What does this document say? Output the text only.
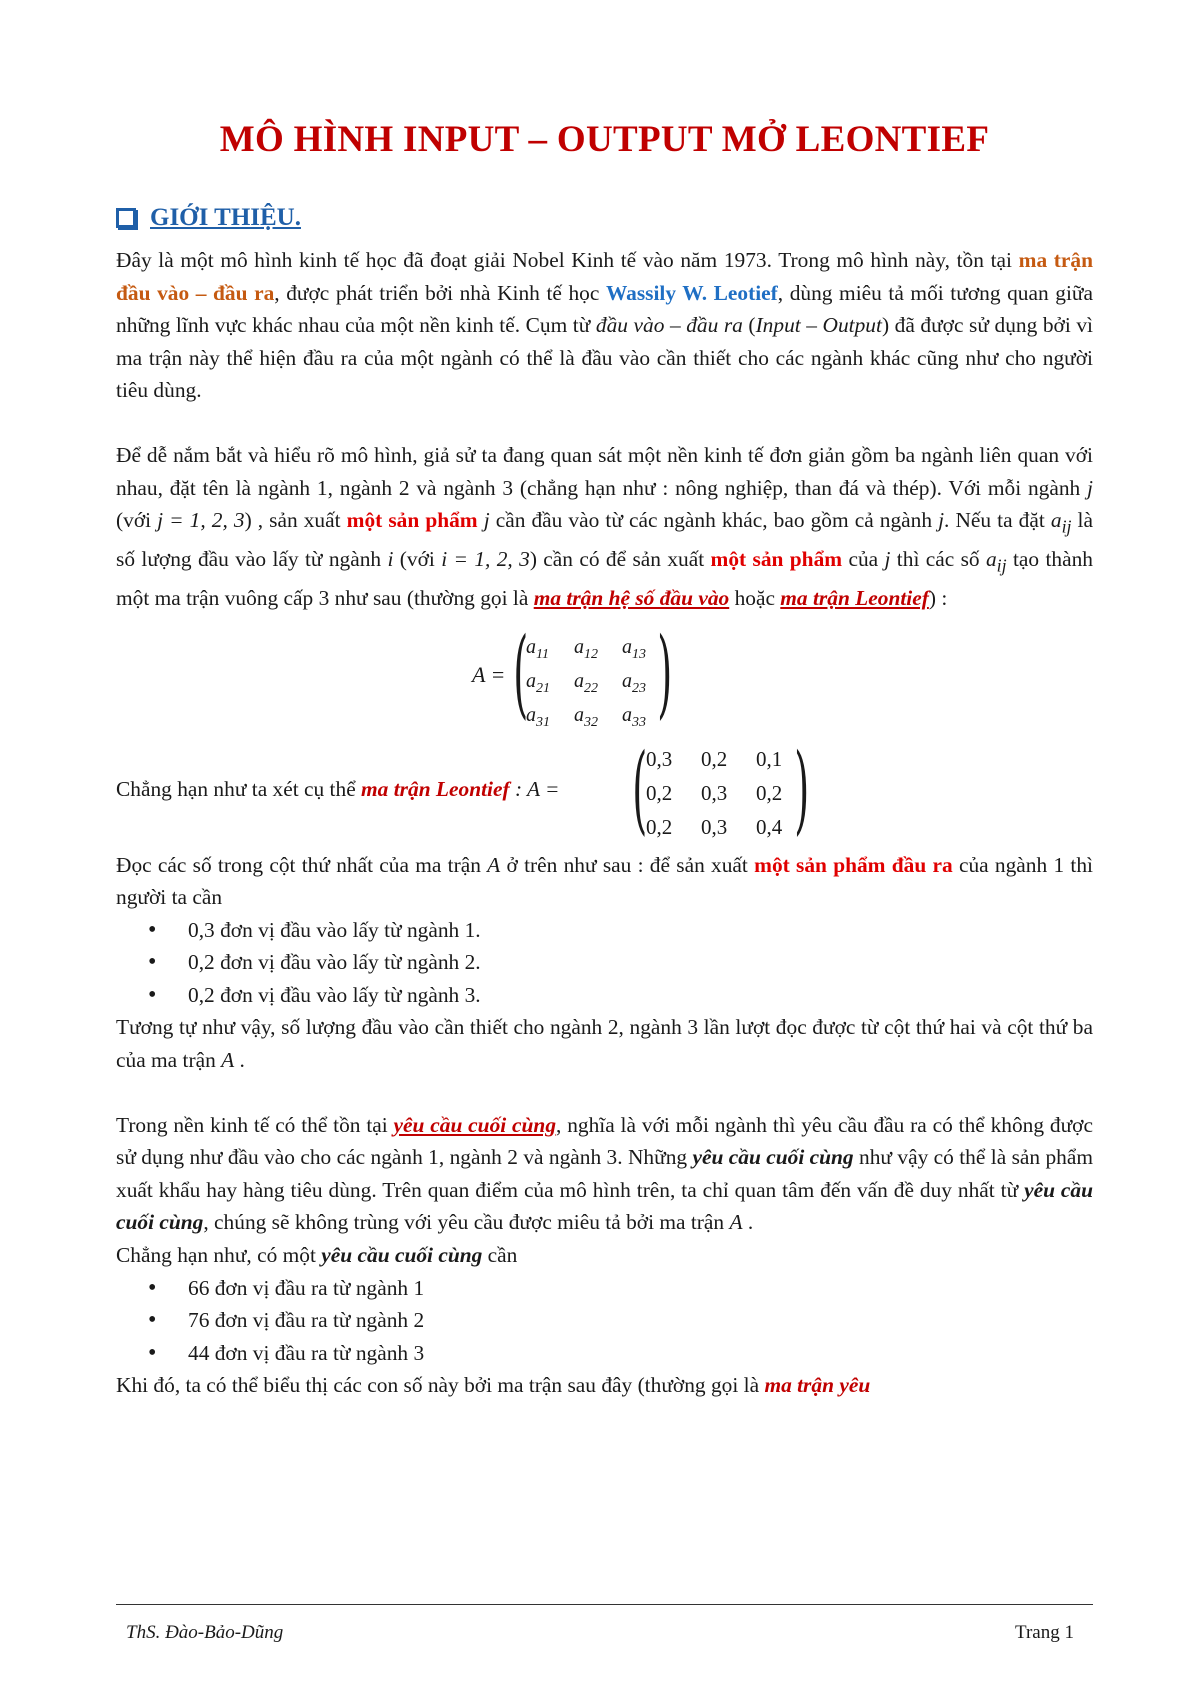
MÔ HÌNH INPUT – OUTPUT MỞ LEONTIEF
GIỚI THIỆU.

Đây là một mô hình kinh tế học đã đoạt giải Nobel Kinh tế vào năm 1973. Trong mô hình này, tồn tại ma trận đầu vào – đầu ra, được phát triển bởi nhà Kinh tế học Wassily W. Leotief, dùng miêu tả mối tương quan giữa những lĩnh vực khác nhau của một nền kinh tế. Cụm từ đầu vào – đầu ra (Input – Output) đã được sử dụng bởi vì ma trận này thể hiện đầu ra của một ngành có thể là đầu vào cần thiết cho các ngành khác cũng như cho người tiêu dùng.

Để dễ nắm bắt và hiểu rõ mô hình, giả sử ta đang quan sát một nền kinh tế đơn giản gồm ba ngành liên quan với nhau, đặt tên là ngành 1, ngành 2 và ngành 3 (chẳng hạn như : nông nghiệp, than đá và thép). Với mỗi ngành j (với j = 1, 2, 3) , sản xuất một sản phẩm j cần đầu vào từ các ngành khác, bao gồm cả ngành j. Nếu ta đặt $a_{ij}$ là số lượng đầu vào lấy từ ngành i (với i = 1, 2, 3) cần có để sản xuất một sản phẩm của j thì các số $a_{ij}$ tạo thành một ma trận vuông cấp 3 như sau (thường gọi là ma trận hệ số đầu vào hoặc ma trận Leontief) :

A = (
$a_{11}$ $a_{12}$ $a_{13}$
$a_{21}$ $a_{22}$ $a_{23}$
$a_{31}$ $a_{32}$ $a_{33}$ )
Chẳng hạn như ta xét cụ thể ma trận Leontief : A = (
0,3 0,2 0,1
0,2 0,3 0,2
0,2 0,3 0,4 )

Đọc các số trong cột thứ nhất của ma trận A ở trên như sau : để sản xuất một sản phẩm đầu ra của ngành 1 thì người ta cần

• 0,3 đơn vị đầu vào lấy từ ngành 1.
• 0,2 đơn vị đầu vào lấy từ ngành 2.
• 0,2 đơn vị đầu vào lấy từ ngành 3.

Tương tự như vậy, số lượng đầu vào cần thiết cho ngành 2, ngành 3 lần lượt đọc được từ cột thứ hai và cột thứ ba của ma trận A .

Trong nền kinh tế có thể tồn tại yêu cầu cuối cùng, nghĩa là với mỗi ngành thì yêu cầu đầu ra có thể không được sử dụng như đầu vào cho các ngành 1, ngành 2 và ngành 3. Những yêu cầu cuối cùng như vậy có thể là sản phẩm xuất khẩu hay hàng tiêu dùng. Trên quan điểm của mô hình trên, ta chỉ quan tâm đến vấn đề duy nhất từ yêu cầu cuối cùng, chúng sẽ không trùng với yêu cầu được miêu tả bởi ma trận A .

Chẳng hạn như, có một yêu cầu cuối cùng cần

• 66 đơn vị đầu ra từ ngành 1
• 76 đơn vị đầu ra từ ngành 2
• 44 đơn vị đầu ra từ ngành 3

Khi đó, ta có thể biểu thị các con số này bởi ma trận sau đây (thường gọi là ma trận yêu

ThS. Đào-Bảo-Dũng	Trang 1
